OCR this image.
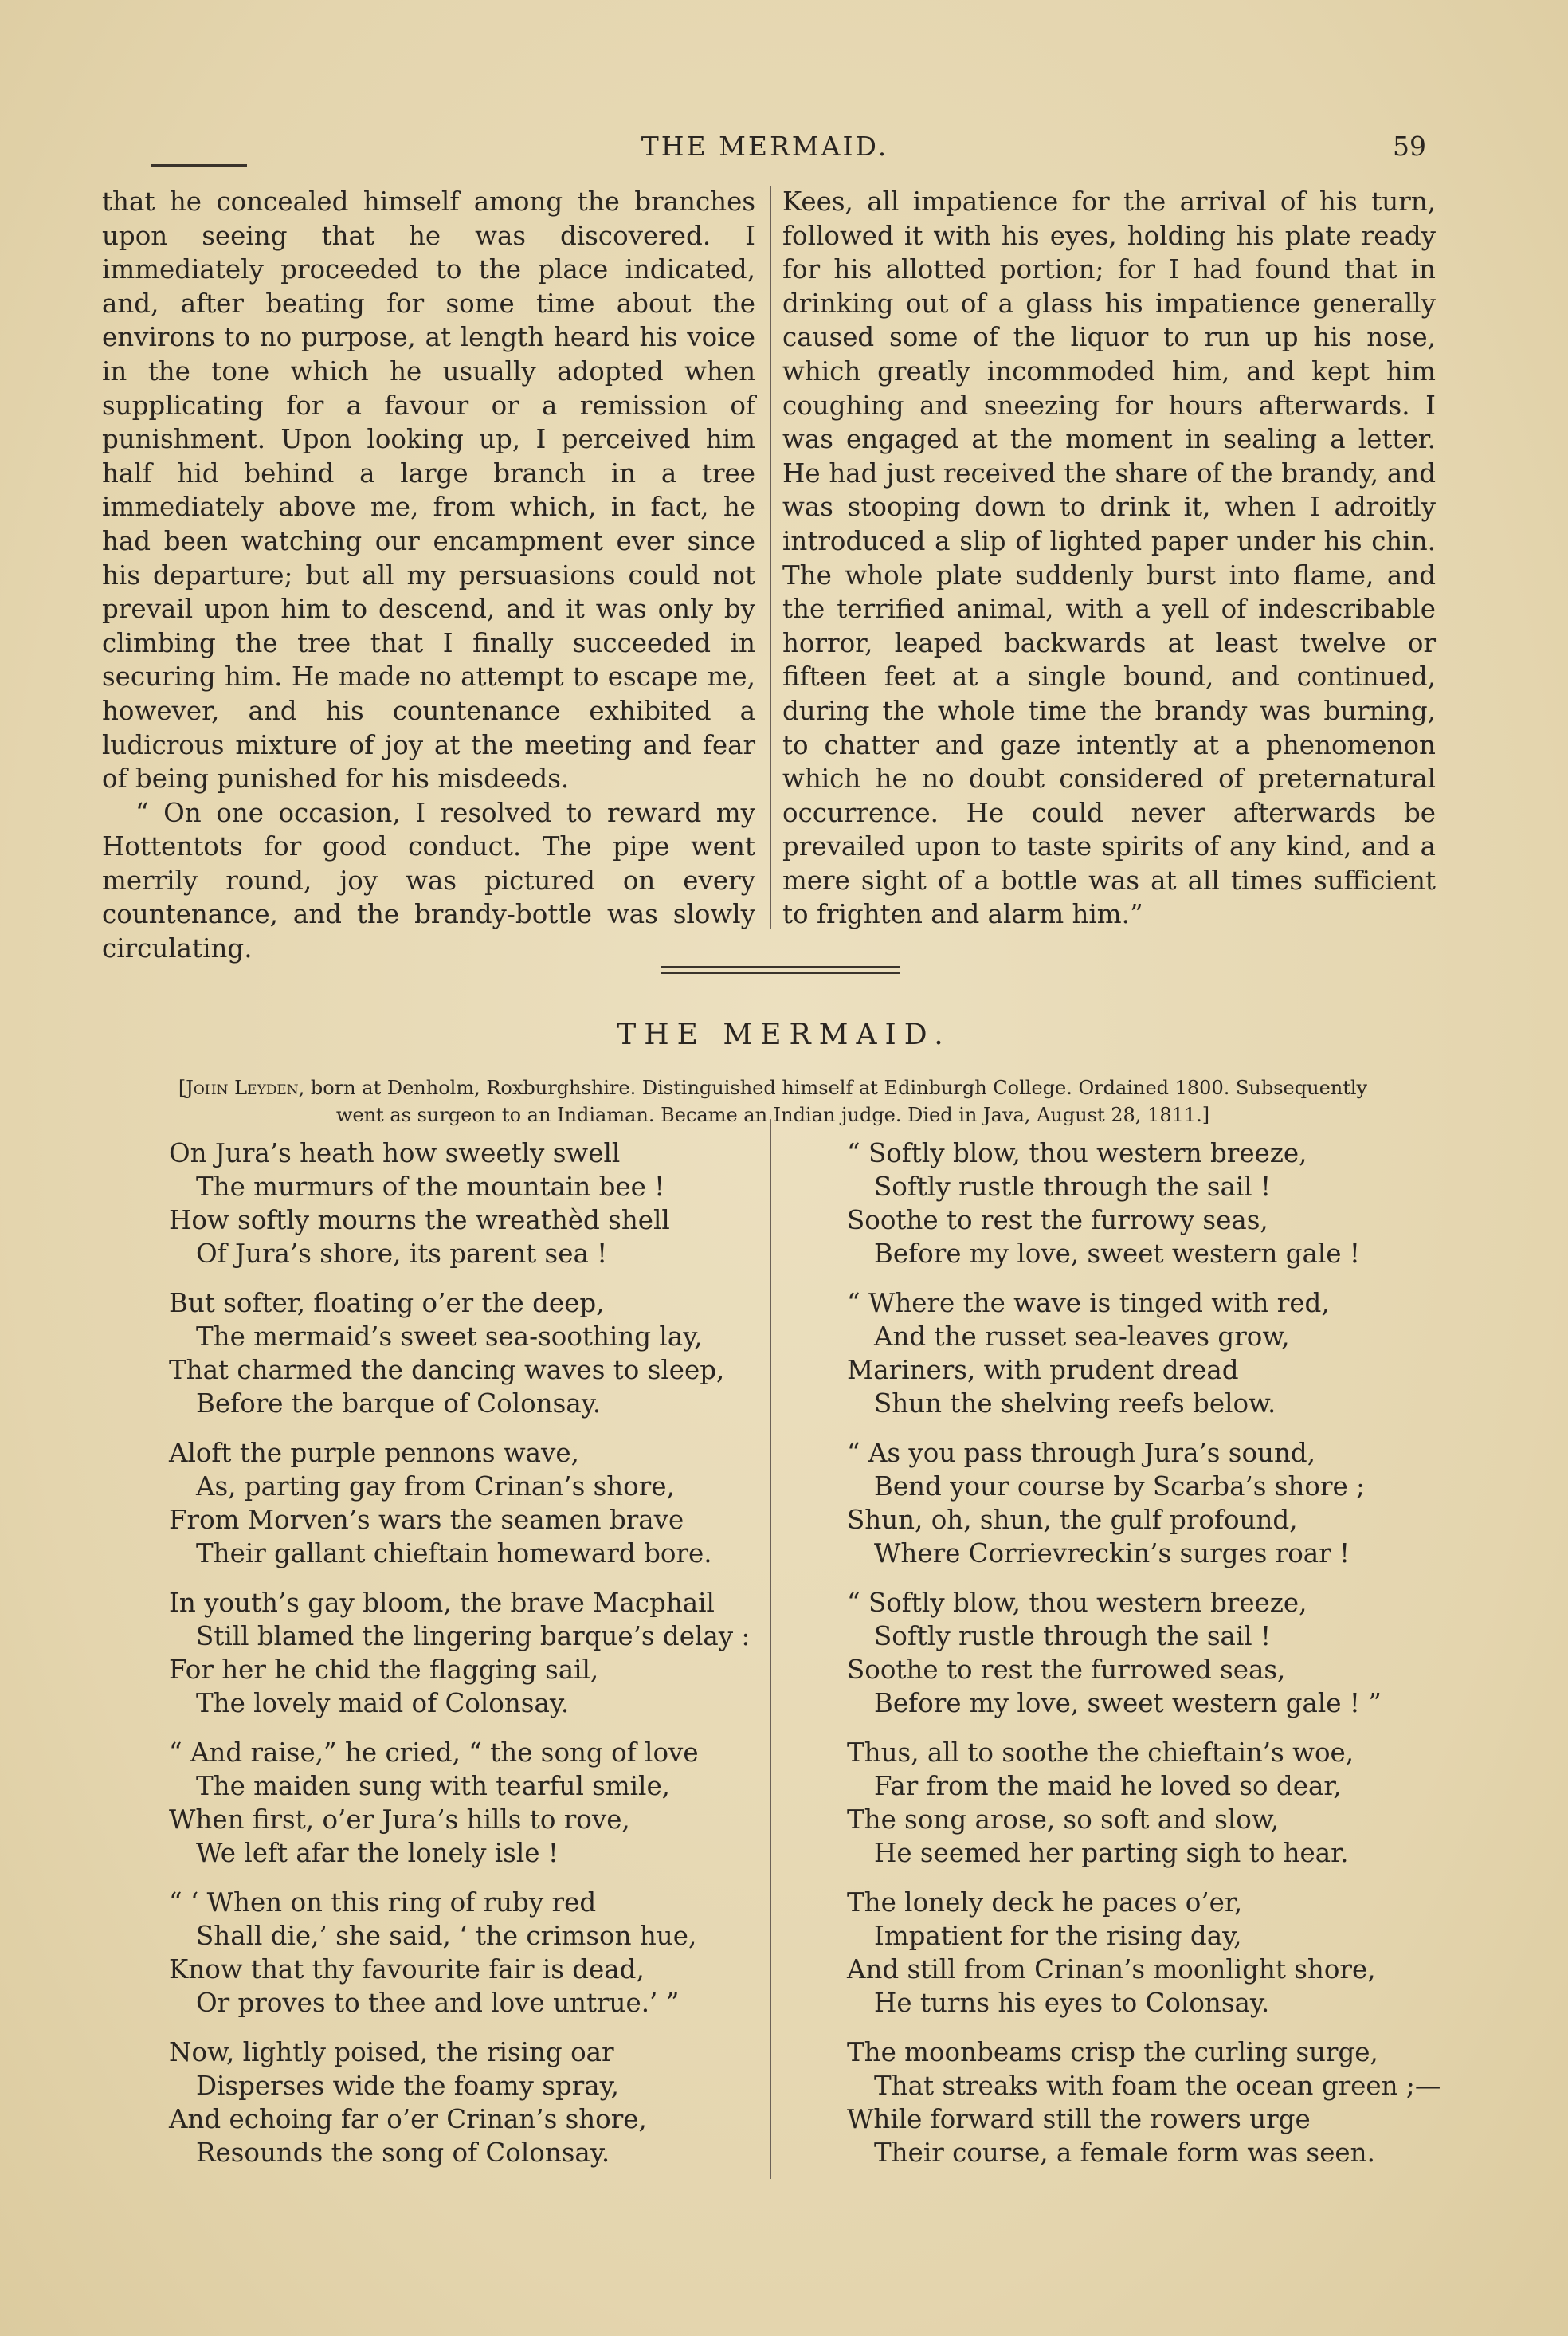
THE MERMAID.	59

that he concealed himself among the branches upon seeing that he was discovered. I immediately proceeded to the place indicated, and, after beating for some time about the environs to no purpose, at length heard his voice in the tone which he usually adopted when supplicating for a favour or a remission of punishment. Upon looking up, I perceived him half hid behind a large branch in a tree immediately above me, from which, in fact, he had been watching our encampment ever since his departure; but all my persuasions could not prevail upon him to descend, and it was only by climbing the tree that I finally succeeded in securing him. He made no attempt to escape me, however, and his countenance exhibited a ludicrous mixture of joy at the meeting and fear of being punished for his misdeeds.

“ On one occasion, I resolved to reward my Hottentots for good conduct. The pipe went merrily round, joy was pictured on every countenance, and the brandy-bottle was slowly circulating.

Kees, all impatience for the arrival of his turn, followed it with his eyes, holding his plate ready for his allotted portion; for I had found that in drinking out of a glass his impatience generally caused some of the liquor to run up his nose, which greatly incommoded him, and kept him coughing and sneezing for hours afterwards. I was engaged at the moment in sealing a letter. He had just received the share of the brandy, and was stooping down to drink it, when I adroitly introduced a slip of lighted paper under his chin. The whole plate suddenly burst into flame, and the terrified animal, with a yell of indescribable horror, leaped backwards at least twelve or fifteen feet at a single bound, and continued, during the whole time the brandy was burning, to chatter and gaze intently at a phenomenon which he no doubt considered of preternatural occurrence. He could never afterwards be prevailed upon to taste spirits of any kind, and a mere sight of a bottle was at all times sufficient to frighten and alarm him.”

THE MERMAID.
[John Leyden, born at Denholm, Roxburghshire. Distinguished himself at Edinburgh College. Ordained 1800. Subsequently
went as surgeon to an Indiaman. Became an Indian judge. Died in Java, August 28, 1811.]
On Jura’s heath how sweetly swell
The murmurs of the mountain bee !
How softly mourns the wreathèd shell
Of Jura’s shore, its parent sea !
But softer, floating o’er the deep,
The mermaid’s sweet sea-soothing lay,
That charmed the dancing waves to sleep,
Before the barque of Colonsay.
Aloft the purple pennons wave,
As, parting gay from Crinan’s shore,
From Morven’s wars the seamen brave
Their gallant chieftain homeward bore.
In youth’s gay bloom, the brave Macphail
Still blamed the lingering barque’s delay :
For her he chid the flagging sail,
The lovely maid of Colonsay.
“ And raise,” he cried, “ the song of love
The maiden sung with tearful smile,
When first, o’er Jura’s hills to rove,
We left afar the lonely isle !
“ ‘ When on this ring of ruby red
Shall die,’ she said, ‘ the crimson hue,
Know that thy favourite fair is dead,
Or proves to thee and love untrue.’ ”
Now, lightly poised, the rising oar
Disperses wide the foamy spray,
And echoing far o’er Crinan’s shore,
Resounds the song of Colonsay.
“ Softly blow, thou western breeze,
Softly rustle through the sail !
Soothe to rest the furrowy seas,
Before my love, sweet western gale !
“ Where the wave is tinged with red,
And the russet sea-leaves grow,
Mariners, with prudent dread
Shun the shelving reefs below.
“ As you pass through Jura’s sound,
Bend your course by Scarba’s shore ;
Shun, oh, shun, the gulf profound,
Where Corrievreckin’s surges roar !
“ Softly blow, thou western breeze,
Softly rustle through the sail !
Soothe to rest the furrowed seas,
Before my love, sweet western gale ! ”
Thus, all to soothe the chieftain’s woe,
Far from the maid he loved so dear,
The song arose, so soft and slow,
He seemed her parting sigh to hear.
The lonely deck he paces o’er,
Impatient for the rising day,
And still from Crinan’s moonlight shore,
He turns his eyes to Colonsay.
The moonbeams crisp the curling surge,
That streaks with foam the ocean green ;—
While forward still the rowers urge
Their course, a female form was seen.
